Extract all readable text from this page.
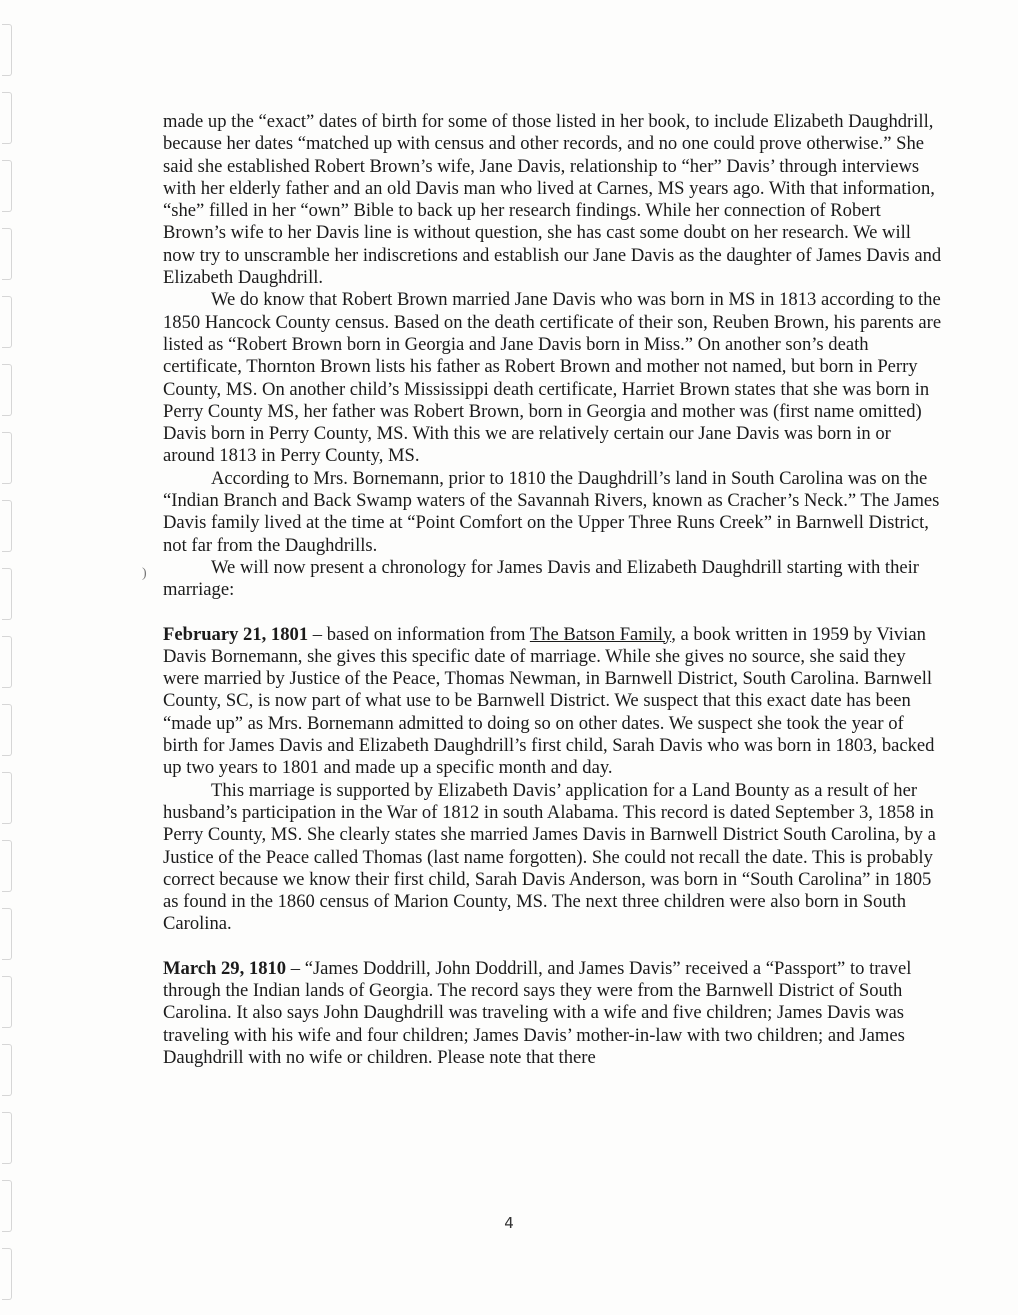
)

made up the “exact” dates of birth for some of those listed in her book, to include Elizabeth Daughdrill, because her dates “matched up with census and other records, and no one could prove otherwise.” She said she established Robert Brown’s wife, Jane Davis, relationship to “her” Davis’ through interviews with her elderly father and an old Davis man who lived at Carnes, MS years ago. With that information, “she” filled in her “own” Bible to back up her research findings. While her connection of Robert Brown’s wife to her Davis line is without question, she has cast some doubt on her research. We will now try to unscramble her indiscretions and establish our Jane Davis as the daughter of James Davis and Elizabeth Daughdrill.

We do know that Robert Brown married Jane Davis who was born in MS in 1813 according to the 1850 Hancock County census. Based on the death certificate of their son, Reuben Brown, his parents are listed as “Robert Brown born in Georgia and Jane Davis born in Miss.” On another son’s death certificate, Thornton Brown lists his father as Robert Brown and mother not named, but born in Perry County, MS. On another child’s Mississippi death certificate, Harriet Brown states that she was born in Perry County MS, her father was Robert Brown, born in Georgia and mother was (first name omitted) Davis born in Perry County, MS. With this we are relatively certain our Jane Davis was born in or around 1813 in Perry County, MS.

According to Mrs. Bornemann, prior to 1810 the Daughdrill’s land in South Carolina was on the “Indian Branch and Back Swamp waters of the Savannah Rivers, known as Cracher’s Neck.” The James Davis family lived at the time at “Point Comfort on the Upper Three Runs Creek” in Barnwell District, not far from the Daughdrills.

We will now present a chronology for James Davis and Elizabeth Daughdrill starting with their marriage:

February 21, 1801 – based on information from The Batson Family, a book written in 1959 by Vivian Davis Bornemann, she gives this specific date of marriage. While she gives no source, she said they were married by Justice of the Peace, Thomas Newman, in Barnwell District, South Carolina. Barnwell County, SC, is now part of what use to be Barnwell District. We suspect that this exact date has been “made up” as Mrs. Bornemann admitted to doing so on other dates. We suspect she took the year of birth for James Davis and Elizabeth Daughdrill’s first child, Sarah Davis who was born in 1803, backed up two years to 1801 and made up a specific month and day.

This marriage is supported by Elizabeth Davis’ application for a Land Bounty as a result of her husband’s participation in the War of 1812 in south Alabama. This record is dated September 3, 1858 in Perry County, MS. She clearly states she married James Davis in Barnwell District South Carolina, by a Justice of the Peace called Thomas (last name forgotten). She could not recall the date. This is probably correct because we know their first child, Sarah Davis Anderson, was born in “South Carolina” in 1805 as found in the 1860 census of Marion County, MS. The next three children were also born in South Carolina.

March 29, 1810 – “James Doddrill, John Doddrill, and James Davis” received a “Passport” to travel through the Indian lands of Georgia. The record says they were from the Barnwell District of South Carolina. It also says John Daughdrill was traveling with a wife and five children; James Davis was traveling with his wife and four children; James Davis’ mother-in-law with two children; and James Daughdrill with no wife or children. Please note that there

4
